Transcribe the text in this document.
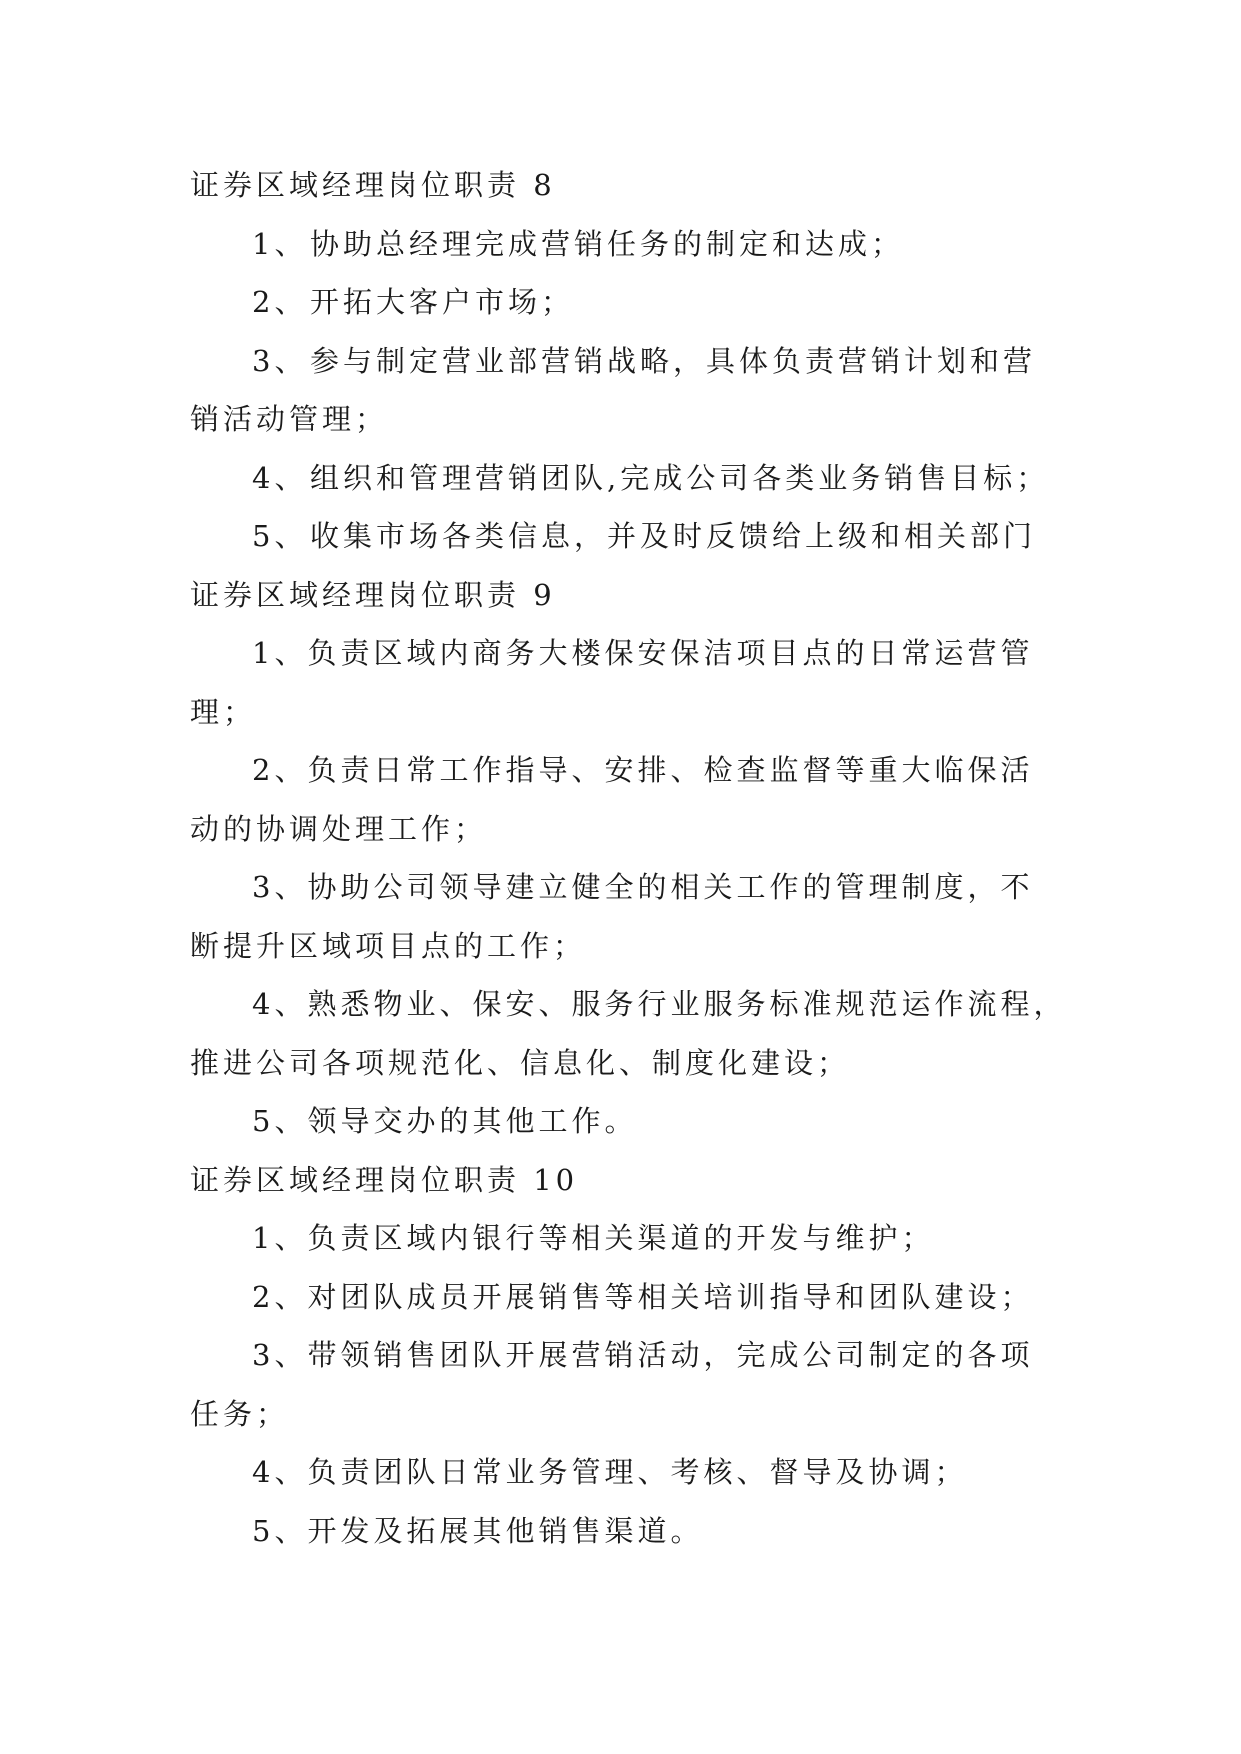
证券区域经理岗位职责 8
1、协助总经理完成营销任务的制定和达成；
2、开拓大客户市场；
3、参与制定营业部营销战略，具体负责营销计划和营
销活动管理；
4、组织和管理营销团队,完成公司各类业务销售目标；
5、收集市场各类信息，并及时反馈给上级和相关部门
证券区域经理岗位职责 9
1、负责区域内商务大楼保安保洁项目点的日常运营管
理；
2、负责日常工作指导、安排、检查监督等重大临保活
动的协调处理工作；
3、协助公司领导建立健全的相关工作的管理制度，不
断提升区域项目点的工作；
4、熟悉物业、保安、服务行业服务标准规范运作流程，
推进公司各项规范化、信息化、制度化建设；
5、领导交办的其他工作。
证券区域经理岗位职责 10
1、负责区域内银行等相关渠道的开发与维护；
2、对团队成员开展销售等相关培训指导和团队建设；
3、带领销售团队开展营销活动，完成公司制定的各项
任务；
4、负责团队日常业务管理、考核、督导及协调；
5、开发及拓展其他销售渠道。
